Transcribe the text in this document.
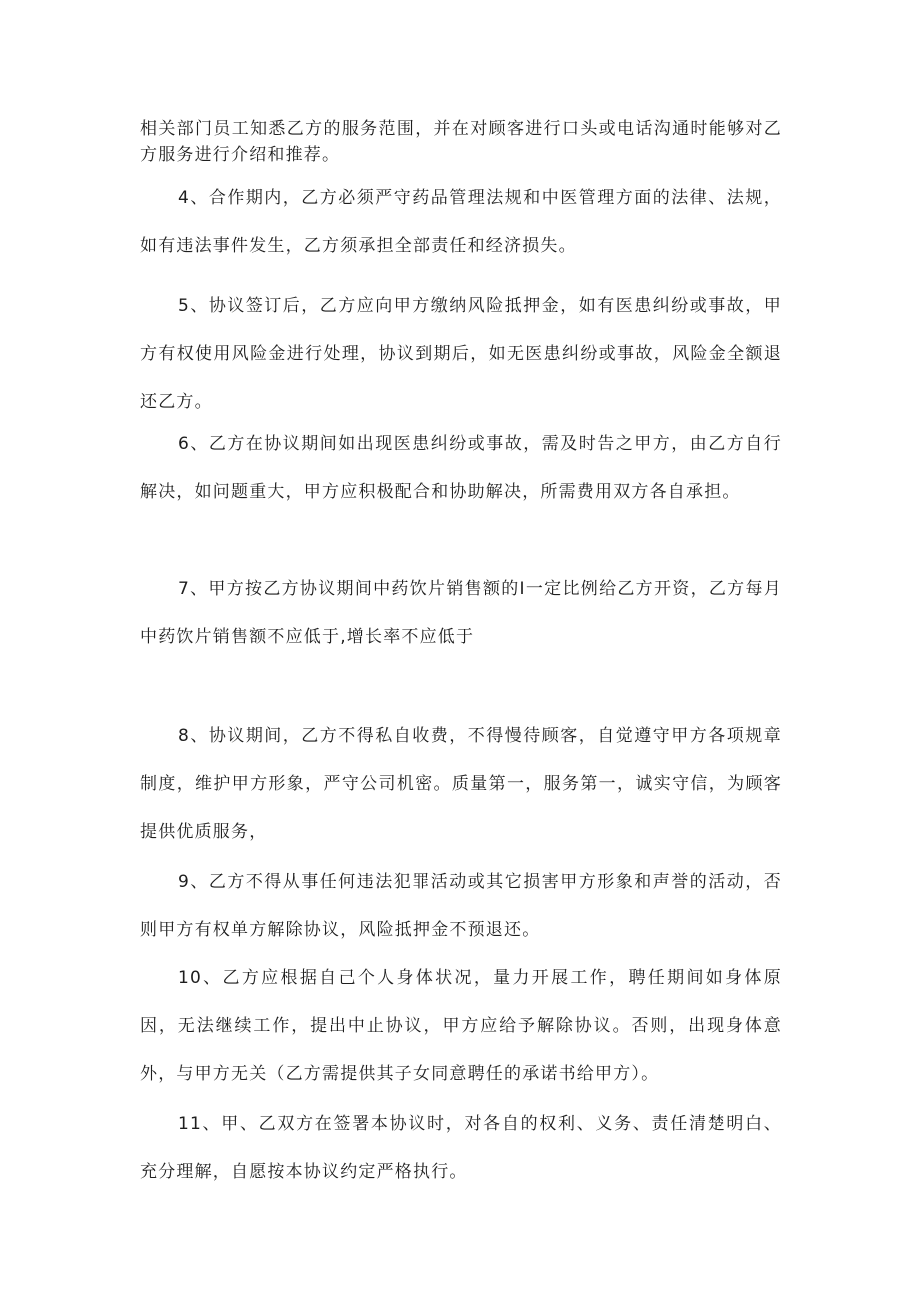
相关部门员工知悉乙方的服务范围，并在对顾客进行口头或电话沟通时能够对乙方服务进行介绍和推荐。

4、合作期内，乙方必须严守药品管理法规和中医管理方面的法律、法规，如有违法事件发生，乙方须承担全部责任和经济损失。

5、协议签订后，乙方应向甲方缴纳风险抵押金，如有医患纠纷或事故，甲方有权使用风险金进行处理，协议到期后，如无医患纠纷或事故，风险金全额退还乙方。

6、乙方在协议期间如出现医患纠纷或事故，需及时告之甲方，由乙方自行解决，如问题重大，甲方应积极配合和协助解决，所需费用双方各自承担。

7、甲方按乙方协议期间中药饮片销售额的I一定比例给乙方开资，乙方每月中药饮片销售额不应低于,增长率不应低于

8、协议期间，乙方不得私自收费，不得慢待顾客，自觉遵守甲方各项规章制度，维护甲方形象，严守公司机密。质量第一，服务第一，诚实守信，为顾客提供优质服务，

9、乙方不得从事任何违法犯罪活动或其它损害甲方形象和声誉的活动，否则甲方有权单方解除协议，风险抵押金不预退还。

10、乙方应根据自己个人身体状况，量力开展工作，聘任期间如身体原因，无法继续工作，提出中止协议，甲方应给予解除协议。否则，出现身体意外，与甲方无关（乙方需提供其子女同意聘任的承诺书给甲方）。

11、甲、乙双方在签署本协议时，对各自的权利、义务、责任清楚明白、充分理解，自愿按本协议约定严格执行。
